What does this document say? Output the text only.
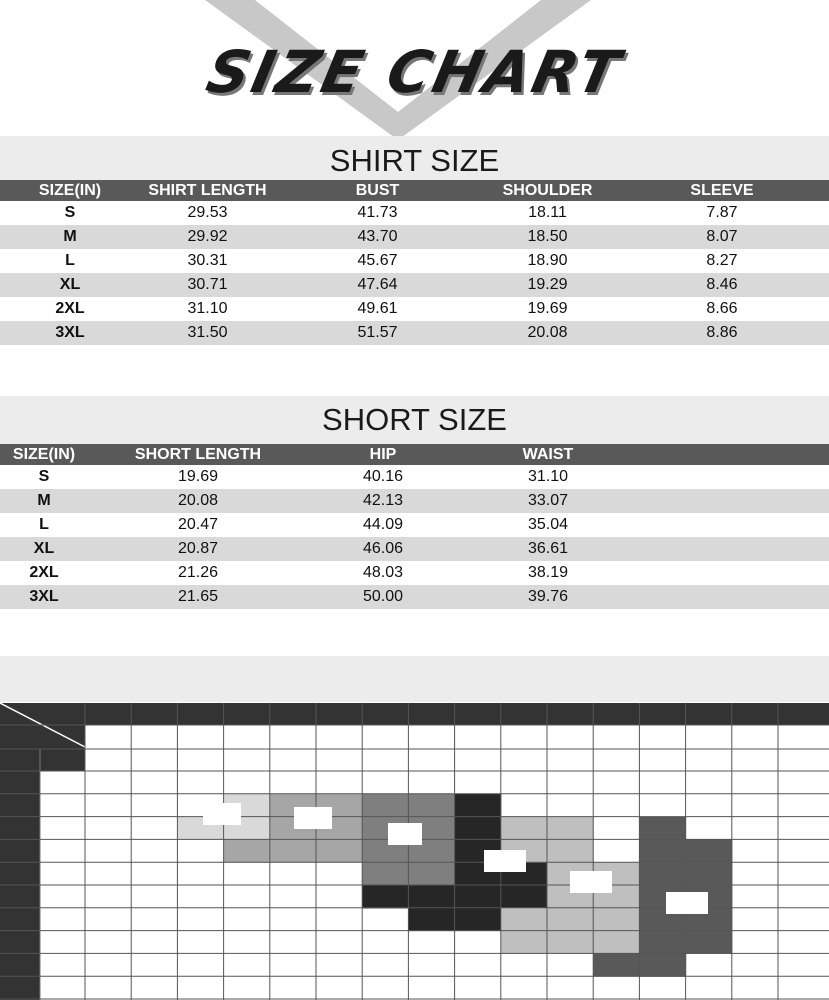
SIZE CHART
SHIRT SIZE
SIZE(IN)	SHIRT LENGTH	BUST	SHOULDER	SLEEVE
S	29.53	41.73	18.11	7.87
M	29.92	43.70	18.50	8.07
L	30.31	45.67	18.90	8.27
XL	30.71	47.64	19.29	8.46
2XL	31.10	49.61	19.69	8.66
3XL	31.50	51.57	20.08	8.86
SHORT SIZE
SIZE(IN)	SHORT LENGTH	HIP	WAIST	
S	19.69	40.16	31.10	
M	20.08	42.13	33.07	
L	20.47	44.09	35.04	
XL	20.87	46.06	36.61	
2XL	21.26	48.03	38.19	
3XL	21.65	50.00	39.76	
